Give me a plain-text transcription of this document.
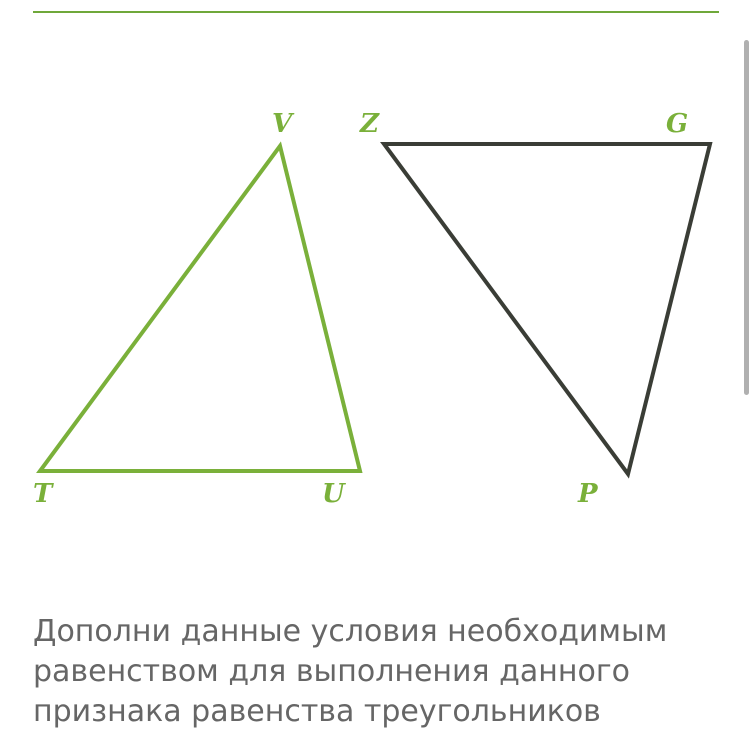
T	U
V	Z	G
P

Дополни данные условия необходимым
равенством для выполнения данного
признака равенства треугольников
